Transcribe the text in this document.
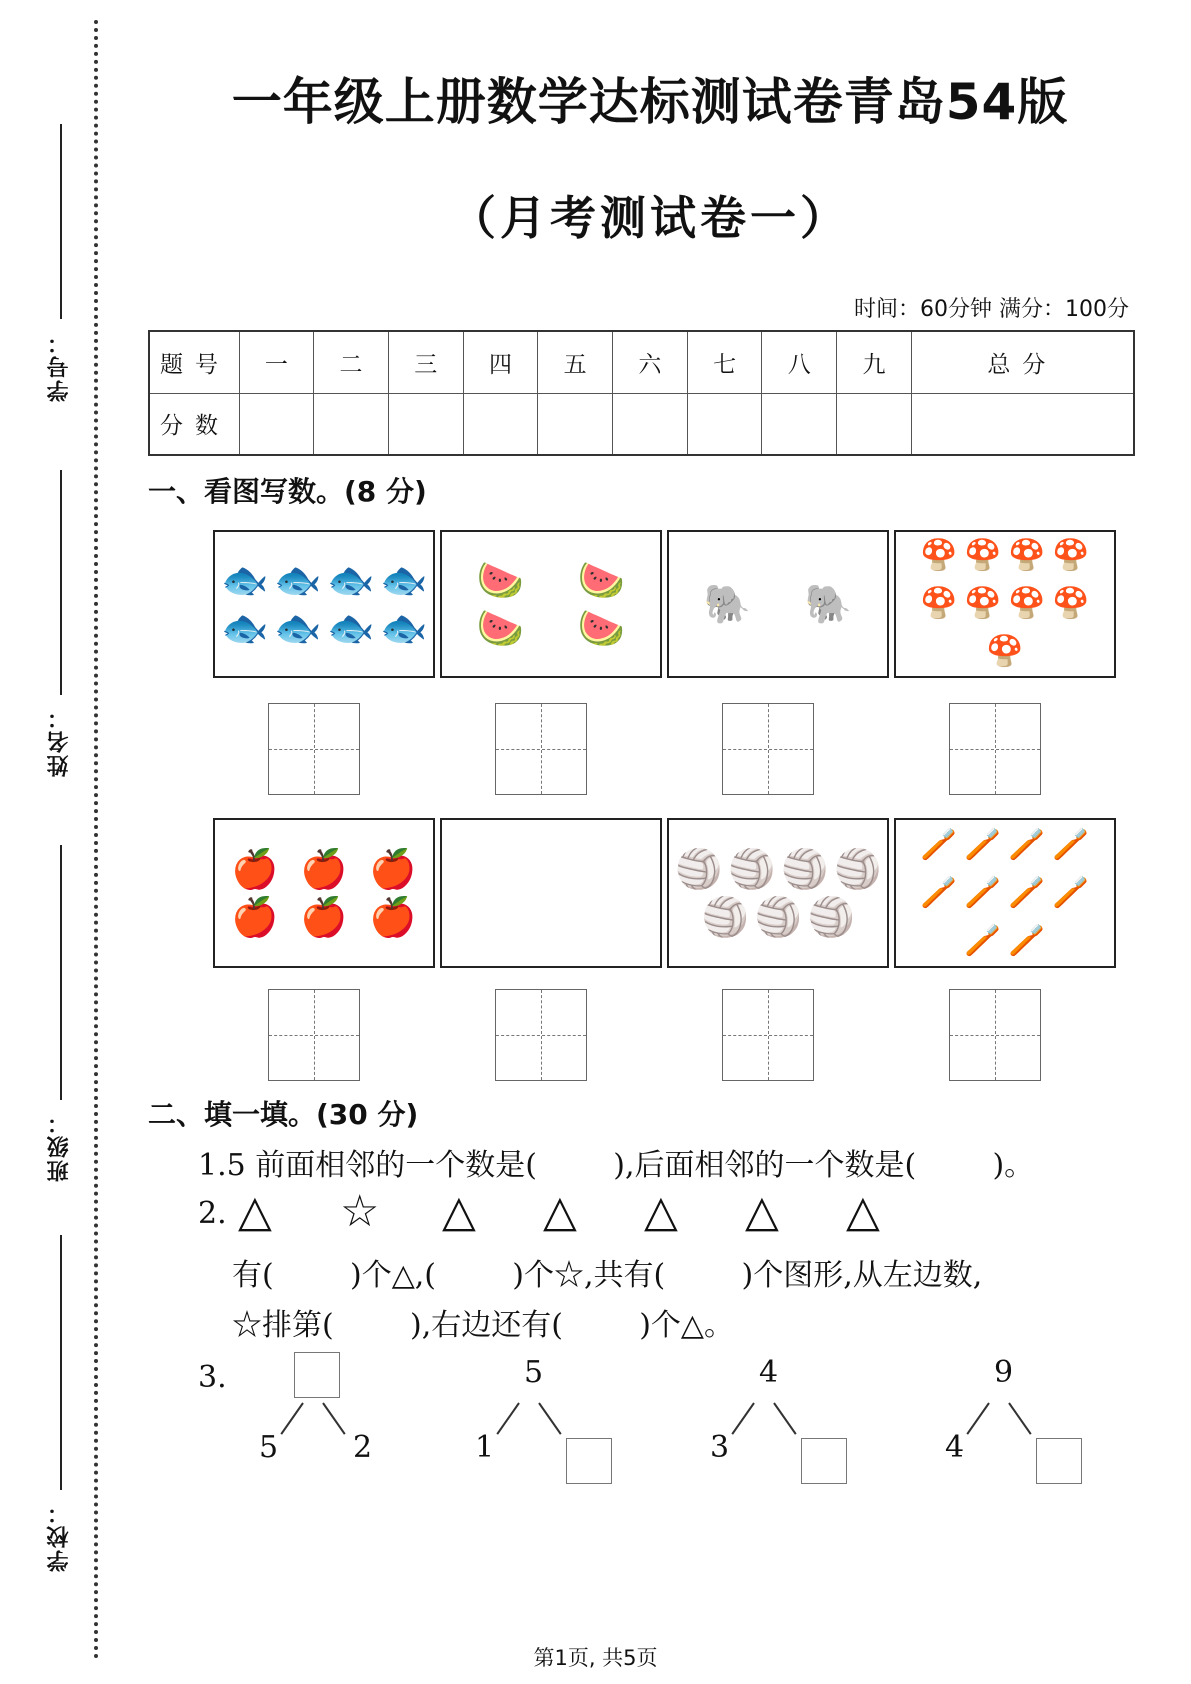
学号：
姓名：
班级：
学校：
一年级上册数学达标测试卷青岛54版
（月考测试卷一）
时间：60分钟 满分：100分
题号	一	二	三	四	五	六	七	八	九	总分
分数										
一、看图写数。(8 分)
🐟 🐟 🐟 🐟
🐟 🐟 🐟 🐟
🍉	🍉
🍉	🍉
🐘	🐘
🍄 🍄 🍄 🍄
🍄 🍄 🍄 🍄
🍄
🍎 🍎 🍎
🍎 🍎 🍎
🏐 🏐 🏐 🏐
🏐 🏐 🏐
🪥 🪥 🪥 🪥
🪥 🪥 🪥 🪥
🪥 🪥
二、填一填。(30 分)
1.5 前面相邻的一个数是(        ),后面相邻的一个数是(        )。
2. △ ☆ △ △ △ △ △
有(        )个△,(        )个☆,共有(        )个图形,从左边数,
☆排第(        ),右边还有(        )个△。
3.
5 2
5
1
4
3
9
4
第1页, 共5页
